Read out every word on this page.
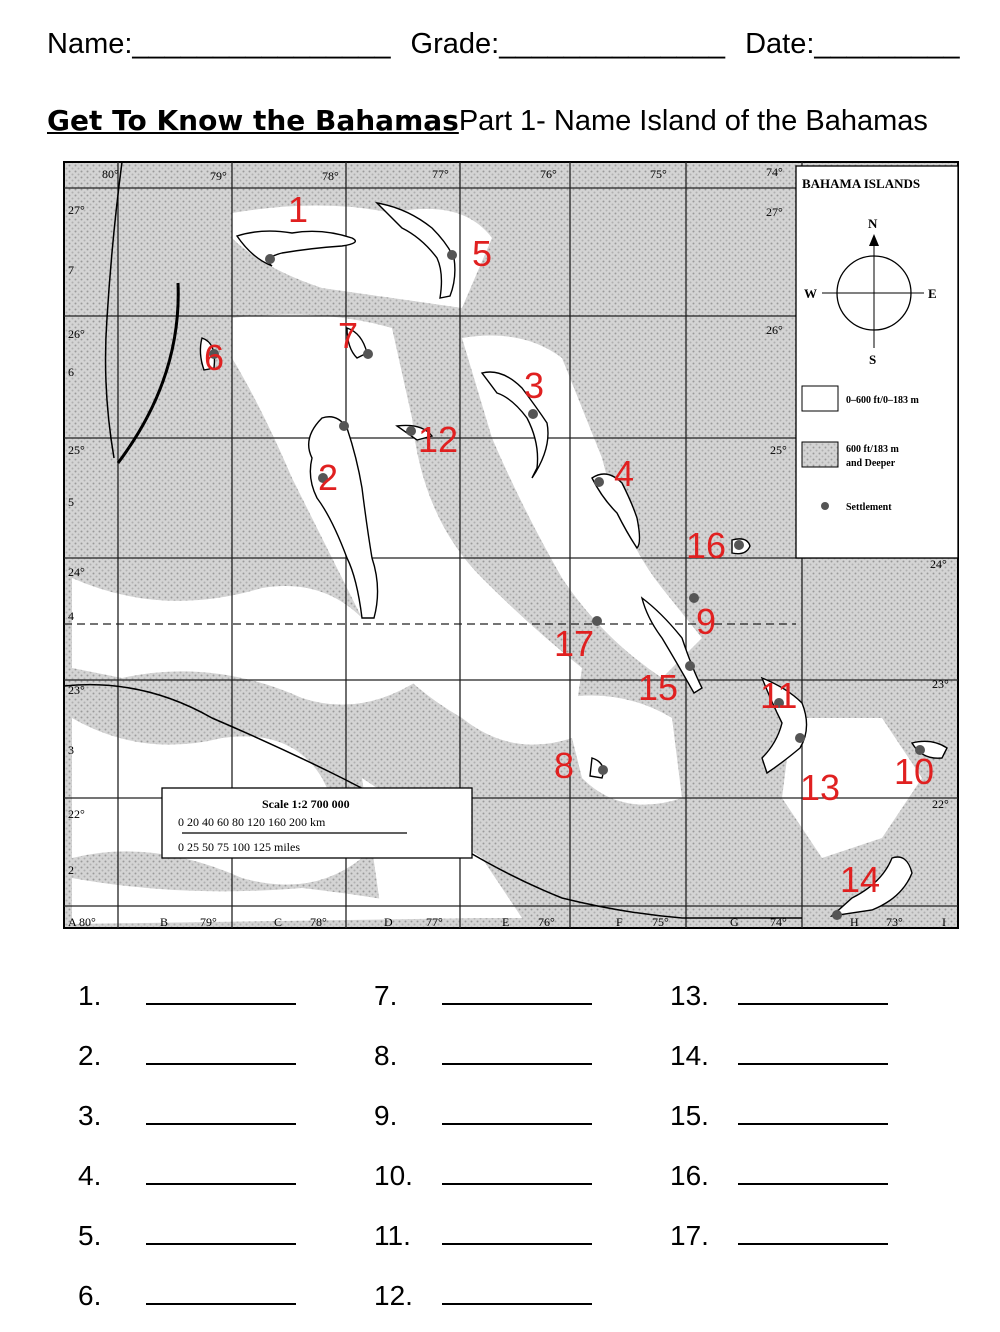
Name:________________ Grade:______________ Date:_________
Get To Know the BahamasPart 1- Name Island of the Bahamas
BAHAMA ISLANDS
N
S
E
W
0–600 ft/0–183 m
600 ft/183 m
and Deeper
Settlement
Scale 1:2 700 000
0 20 40 60 80 120 160 200 km
0 25 50 75 100 125 miles
80°	79°	78°	77°	76°	75°	74°
27°
7
26°
6
25°
5
24°
4
23°
3
22°
2
27°
26°
25°
24°
23°
22°
A 80°	B	79°	C 78°	D	77°	E 76°	F 75°	G	74°	H 73°	I
1
2
3
4
5
6
7
8
9
10
11
12
13
14
15
16
17
1.
2.
3.
4.
5.
6.
7.
8.
9.
10.
11.
12.
13.
14.
15.
16.
17.
